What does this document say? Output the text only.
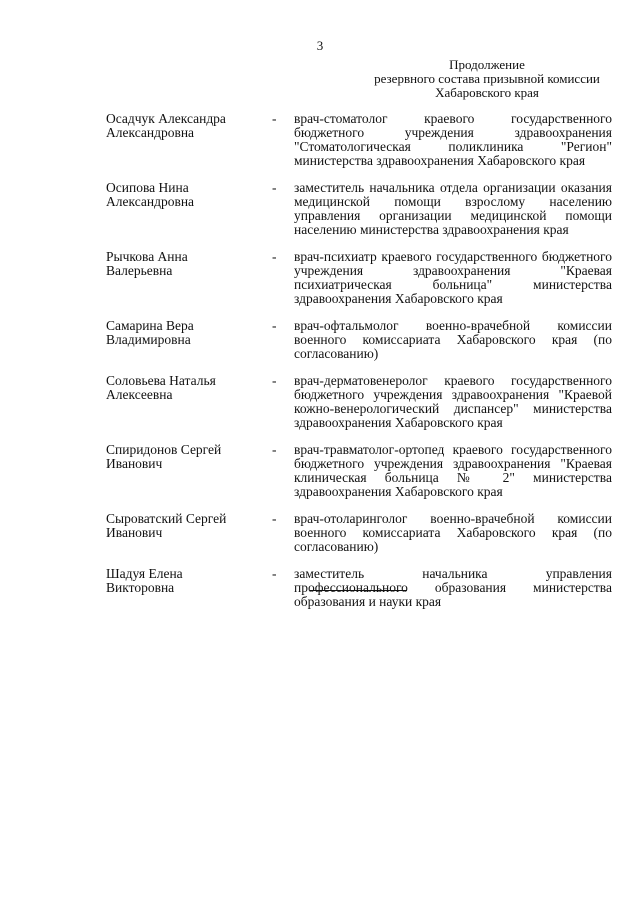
3
Продолжение
резервного состава призывной комиссии
Хабаровского края
Осадчук Александра
Александровна
-	врач-стоматолог краевого государственного бюджетного учреждения здравоохранения "Стоматологическая поликлиника "Регион" министерства здравоохранения Хабаровского края
Осипова Нина
Александровна
-	заместитель начальника отдела организации оказания медицинской помощи взрослому населению управления организации медицинской помощи населению министерства здравоохранения края
Рычкова Анна
Валерьевна
-	врач-психиатр краевого государственного бюджетного учреждения здравоохранения "Краевая психиатрическая больница" министерства здравоохранения Хабаровского края
Самарина Вера
Владимировна
-	врач-офтальмолог военно-врачебной комиссии военного комиссариата Хабаровского края (по согласованию)
Соловьева Наталья
Алексеевна
-	врач-дерматовенеролог краевого государственного бюджетного учреждения здравоохранения "Краевой кожно-венерологический диспансер" министерства здравоохранения Хабаровского края
Спиридонов Сергей
Иванович
-	врач-травматолог-ортопед краевого государственного бюджетного учреждения здравоохранения "Краевая клиническая больница № 2" министерства здравоохранения Хабаровского края
Сыроватский Сергей
Иванович
-	врач-отоларинголог военно-врачебной комиссии военного комиссариата Хабаровского края (по согласованию)
Шадуя Елена
Викторовна
-	заместитель начальника управления профессионального образования министерства образования и науки края
